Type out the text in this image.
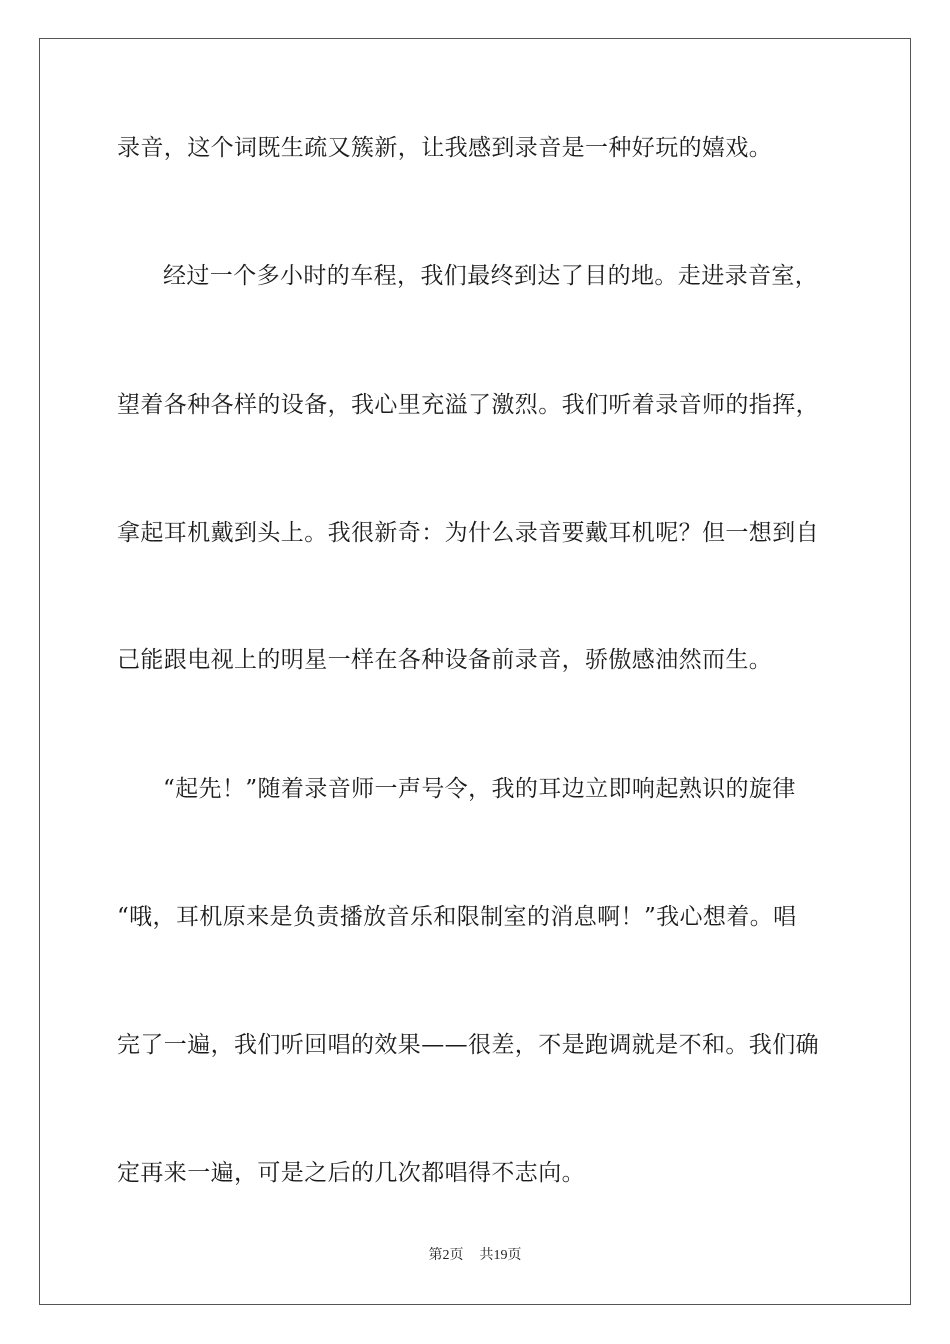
录音，这个词既生疏又簇新，让我感到录音是一种好玩的嬉戏。
经过一个多小时的车程，我们最终到达了目的地。走进录音室，
望着各种各样的设备，我心里充溢了激烈。我们听着录音师的指挥，
拿起耳机戴到头上。我很新奇：为什么录音要戴耳机呢？但一想到自
己能跟电视上的明星一样在各种设备前录音，骄傲感油然而生。
“起先！”随着录音师一声号令，我的耳边立即响起熟识的旋律
“哦，耳机原来是负责播放音乐和限制室的消息啊！”我心想着。唱
完了一遍，我们听回唱的效果——很差，不是跑调就是不和。我们确
定再来一遍，可是之后的几次都唱得不志向。
第2页 共19页
